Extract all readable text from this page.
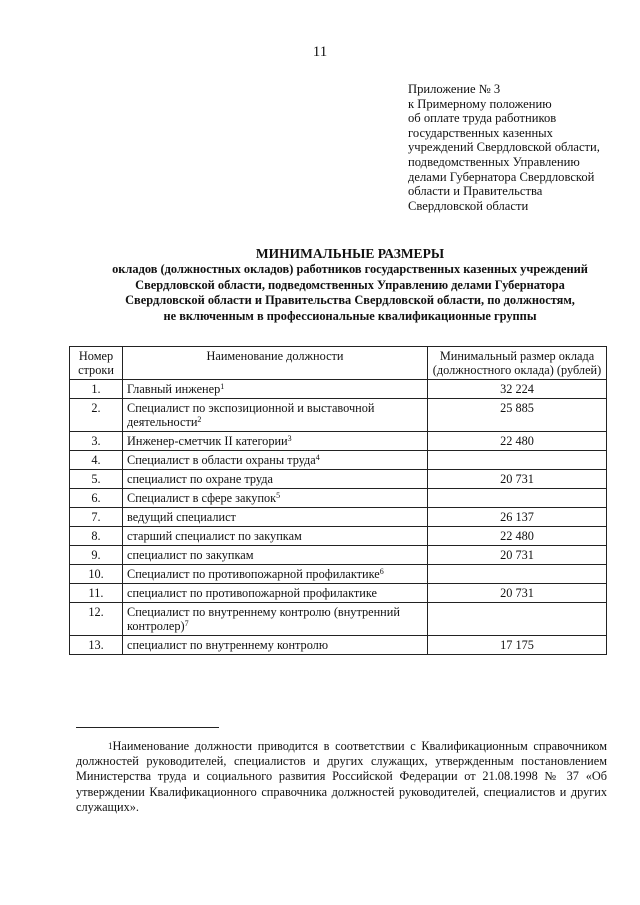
11
Приложение № 3
к Примерному положению
об оплате труда работников
государственных казенных
учреждений Свердловской области,
подведомственных Управлению
делами Губернатора Свердловской
области и Правительства
Свердловской области
МИНИМАЛЬНЫЕ РАЗМЕРЫ
окладов (должностных окладов) работников государственных казенных учреждений
Свердловской области, подведомственных Управлению делами Губернатора
Свердловской области и Правительства Свердловской области, по должностям,
не включенным в профессиональные квалификационные группы
Номер строки	Наименование должности	Минимальный размер оклада (должностного оклада) (рублей)
1.	Главный инженер$^1$	32 224
2.	Специалист по экспозиционной и выставочной деятельности$^2$	25 885
3.	Инженер-сметчик II категории$^3$	22 480
4.	Специалист в области охраны труда$^4$	
5.	специалист по охране труда	20 731
6.	Специалист в сфере закупок$^5$	
7.	ведущий специалист	26 137
8.	старший специалист по закупкам	22 480
9.	специалист по закупкам	20 731
10.	Специалист по противопожарной профилактике$^6$	
11.	специалист по противопожарной профилактике	20 731
12.	Специалист по внутреннему контролю (внутренний контролер)$^7$	
13.	специалист по внутреннему контролю	17 175
$^1$Наименование должности приводится в соответствии с Квалификационным справочником должностей руководителей, специалистов и других служащих, утвержденным постановлением Министерства труда и социального развития Российской Федерации от 21.08.1998 № 37 «Об утверждении Квалификационного справочника должностей руководителей, специалистов и других служащих».
